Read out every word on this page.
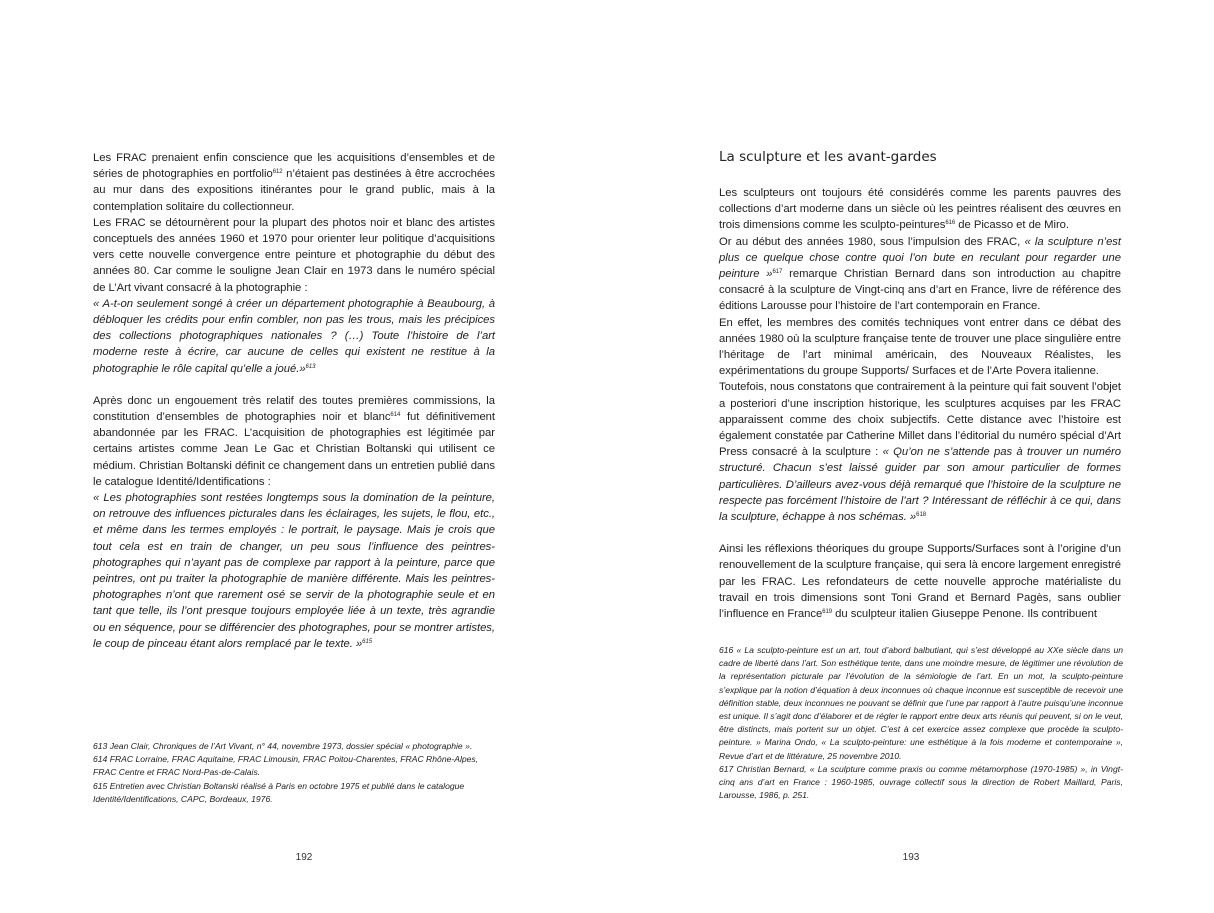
Les FRAC prenaient enfin conscience que les acquisitions d’ensembles et de séries de photographies en portfolio$^{612}$ n’étaient pas destinées à être accrochées au mur dans des expositions itinérantes pour le grand public, mais à la contemplation solitaire du collectionneur.

Les FRAC se détournèrent pour la plupart des photos noir et blanc des artistes conceptuels des années 1960 et 1970 pour orienter leur politique d’acquisitions vers cette nouvelle convergence entre peinture et photographie du début des années 80. Car comme le souligne Jean Clair en 1973 dans le numéro spécial de L’Art vivant consacré à la photographie :

« A-t-on seulement songé à créer un département photographie à Beaubourg, à débloquer les crédits pour enfin combler, non pas les trous, mais les précipices des collections photographiques nationales ? (…) Toute l’histoire de l’art moderne reste à écrire, car aucune de celles qui existent ne restitue à la photographie le rôle capital qu’elle a joué.»$^{613}$

Après donc un engouement très relatif des toutes premières commissions, la constitution d’ensembles de photographies noir et blanc$^{614}$ fut définitivement abandonnée par les FRAC. L’acquisition de photographies est légitimée par certains artistes comme Jean Le Gac et Christian Boltanski qui utilisent ce médium. Christian Boltanski définit ce changement dans un entretien publié dans le catalogue Identité/Identifications :

« Les photographies sont restées longtemps sous la domination de la peinture, on retrouve des influences picturales dans les éclairages, les sujets, le flou, etc., et même dans les termes employés : le portrait, le paysage. Mais je crois que tout cela est en train de changer, un peu sous l’influence des peintres-photographes qui n’ayant pas de complexe par rapport à la peinture, parce que peintres, ont pu traiter la photographie de manière différente. Mais les peintres-photographes n’ont que rarement osé se servir de la photographie seule et en tant que telle, ils l’ont presque toujours employée liée à un texte, très agrandie ou en séquence, pour se différencier des photographes, pour se montrer artistes, le coup de pinceau étant alors remplacé par le texte. »$^{615}$

613 Jean Clair, Chroniques de l’Art Vivant, n° 44, novembre 1973, dossier spécial « photographie ».

614 FRAC Lorraine, FRAC Aquitaine, FRAC Limousin, FRAC Poitou-Charentes, FRAC Rhône-Alpes, FRAC Centre et FRAC Nord-Pas-de-Calais.

615 Entretien avec Christian Boltanski réalisé à Paris en octobre 1975 et publié dans le catalogue Identité/Identifications, CAPC, Bordeaux, 1976.

192
La sculpture et les avant-gardes

Les sculpteurs ont toujours été considérés comme les parents pauvres des collections d’art moderne dans un siècle où les peintres réalisent des œuvres en trois dimensions comme les sculpto-peintures$^{616}$ de Picasso et de Miro.

Or au début des années 1980, sous l’impulsion des FRAC, « la sculpture n’est plus ce quelque chose contre quoi l’on bute en reculant pour regarder une peinture »$^{617}$ remarque Christian Bernard dans son introduction au chapitre consacré à la sculpture de Vingt-cinq ans d’art en France, livre de référence des éditions Larousse pour l’histoire de l’art contemporain en France.

En effet, les membres des comités techniques vont entrer dans ce débat des années 1980 où la sculpture française tente de trouver une place singulière entre l’héritage de l’art minimal américain, des Nouveaux Réalistes, les expérimentations du groupe Supports/ Surfaces et de l’Arte Povera italienne.

Toutefois, nous constatons que contrairement à la peinture qui fait souvent l’objet a posteriori d’une inscription historique, les sculptures acquises par les FRAC apparaissent comme des choix subjectifs. Cette distance avec l’histoire est également constatée par Catherine Millet dans l’éditorial du numéro spécial d’Art Press consacré à la sculpture : « Qu’on ne s’attende pas à trouver un numéro structuré. Chacun s’est laissé guider par son amour particulier de formes particulières. D’ailleurs avez-vous déjà remarqué que l’histoire de la sculpture ne respecte pas forcément l’histoire de l’art ? Intéressant de réfléchir à ce qui, dans la sculpture, échappe à nos schémas. »$^{618}$

Ainsi les réflexions théoriques du groupe Supports/Surfaces sont à l’origine d’un renouvellement de la sculpture française, qui sera là encore largement enregistré par les FRAC. Les refondateurs de cette nouvelle approche matérialiste du travail en trois dimensions sont Toni Grand et Bernard Pagès, sans oublier l’influence en France$^{619}$ du sculpteur italien Giuseppe Penone. Ils contribuent

616 « La sculpto-peinture est un art, tout d’abord balbutiant, qui s’est développé au XXe siècle dans un cadre de liberté dans l’art. Son esthétique tente, dans une moindre mesure, de légitimer une révolution de la représentation picturale par l’évolution de la sémiologie de l’art. En un mot, la sculpto-peinture s’explique par la notion d’équation à deux inconnues où chaque inconnue est susceptible de recevoir une définition stable, deux inconnues ne pouvant se définir que l’une par rapport à l’autre puisqu’une inconnue est unique. Il s’agit donc d’élaborer et de régler le rapport entre deux arts réunis qui peuvent, si on le veut, être distincts, mais portent sur un objet. C’est à cet exercice assez complexe que procède la sculpto-peinture. » Marina Ondo, « La sculpto-peinture: une esthétique à la fois moderne et contemporaine », Revue d’art et de littérature, 25 novembre 2010.

617 Christian Bernard, « La sculpture comme praxis ou comme métamorphose (1970-1985) », in Vingt-cinq ans d’art en France : 1960-1985, ouvrage collectif sous la direction de Robert Maillard, Paris, Larousse, 1986, p. 251.

193
